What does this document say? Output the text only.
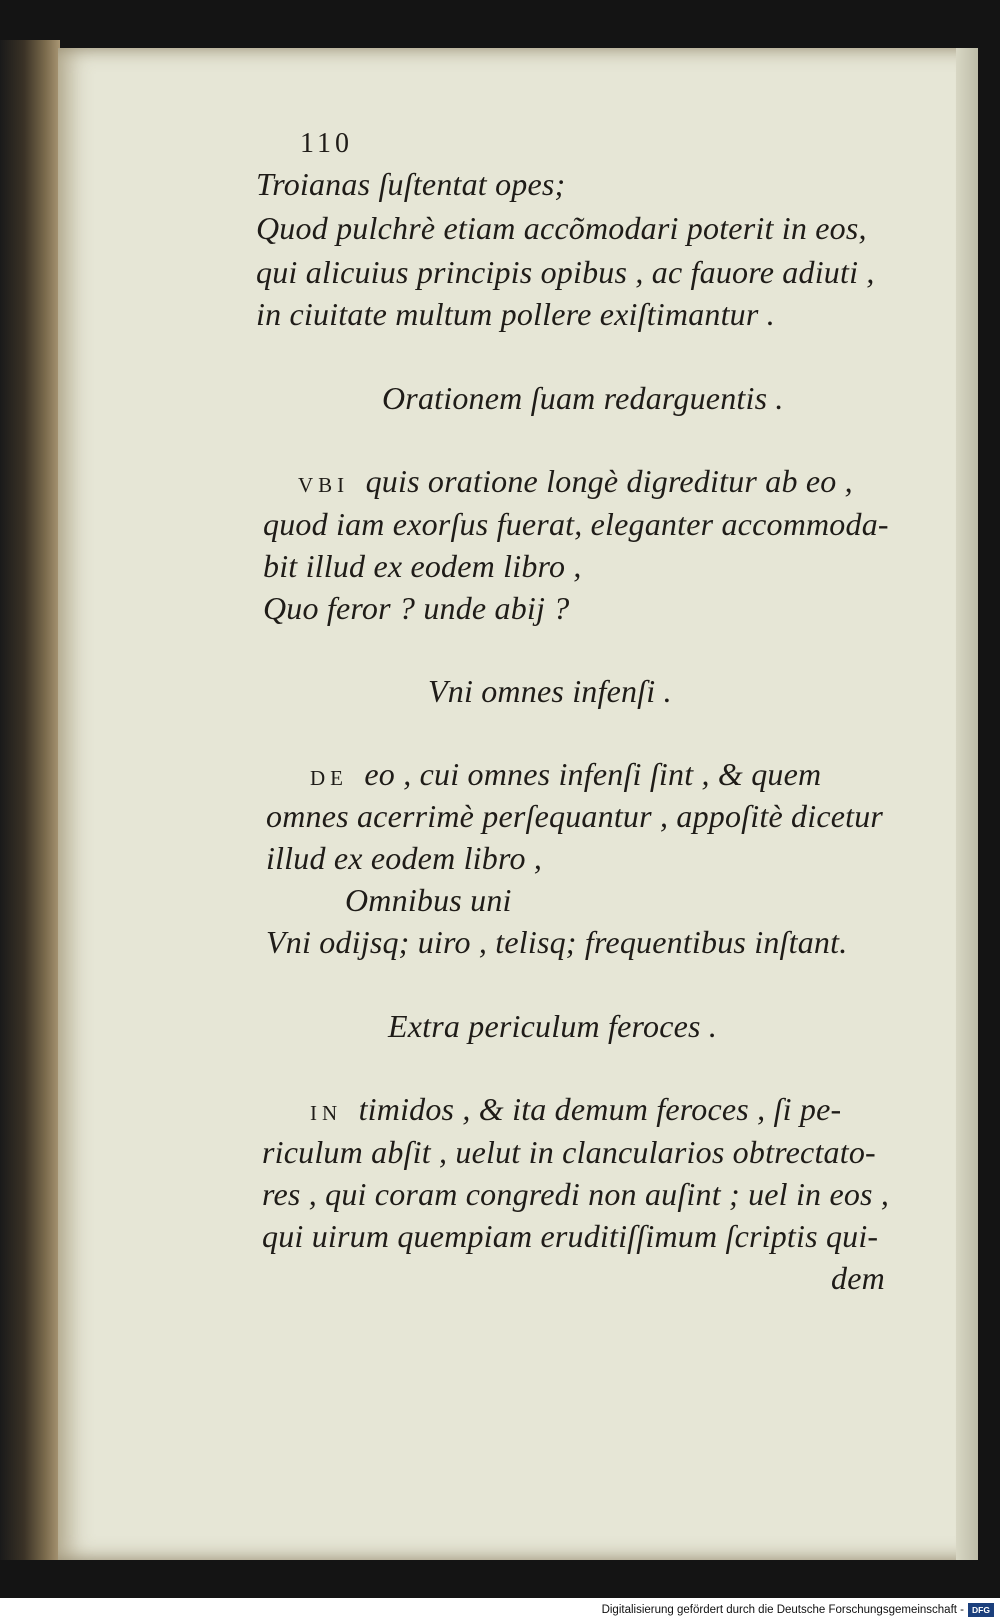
110
Troianas ſuſtentat opes;
Quod pulchrè etiam accõmodari poterit in eos,
qui alicuius principis opibus , ac fauore adiuti ,
in ciuitate multum pollere exiſtimantur .
Orationem ſuam redarguentis .
VBI quis oratione longè digreditur ab eo ,
quod iam exorſus fuerat, eleganter accommoda-
bit illud ex eodem libro ,
Quo feror ? unde abij ?
Vni omnes infenſi .
DE eo , cui omnes infenſi ſint , & quem
omnes acerrimè perſequantur , appoſitè dicetur
illud ex eodem libro ,
Omnibus uni
Vni odijsq; uiro , telisq; frequentibus inſtant.
Extra periculum feroces .
IN timidos , & ita demum feroces , ſi pe-
riculum abſit , uelut in clancularios obtrectato-
res , qui coram congredi non auſint ; uel in eos ,
qui uirum quempiam eruditiſſimum ſcriptis qui-
dem
Digitalisierung gefördert durch die Deutsche Forschungsgemeinschaft - DFG
